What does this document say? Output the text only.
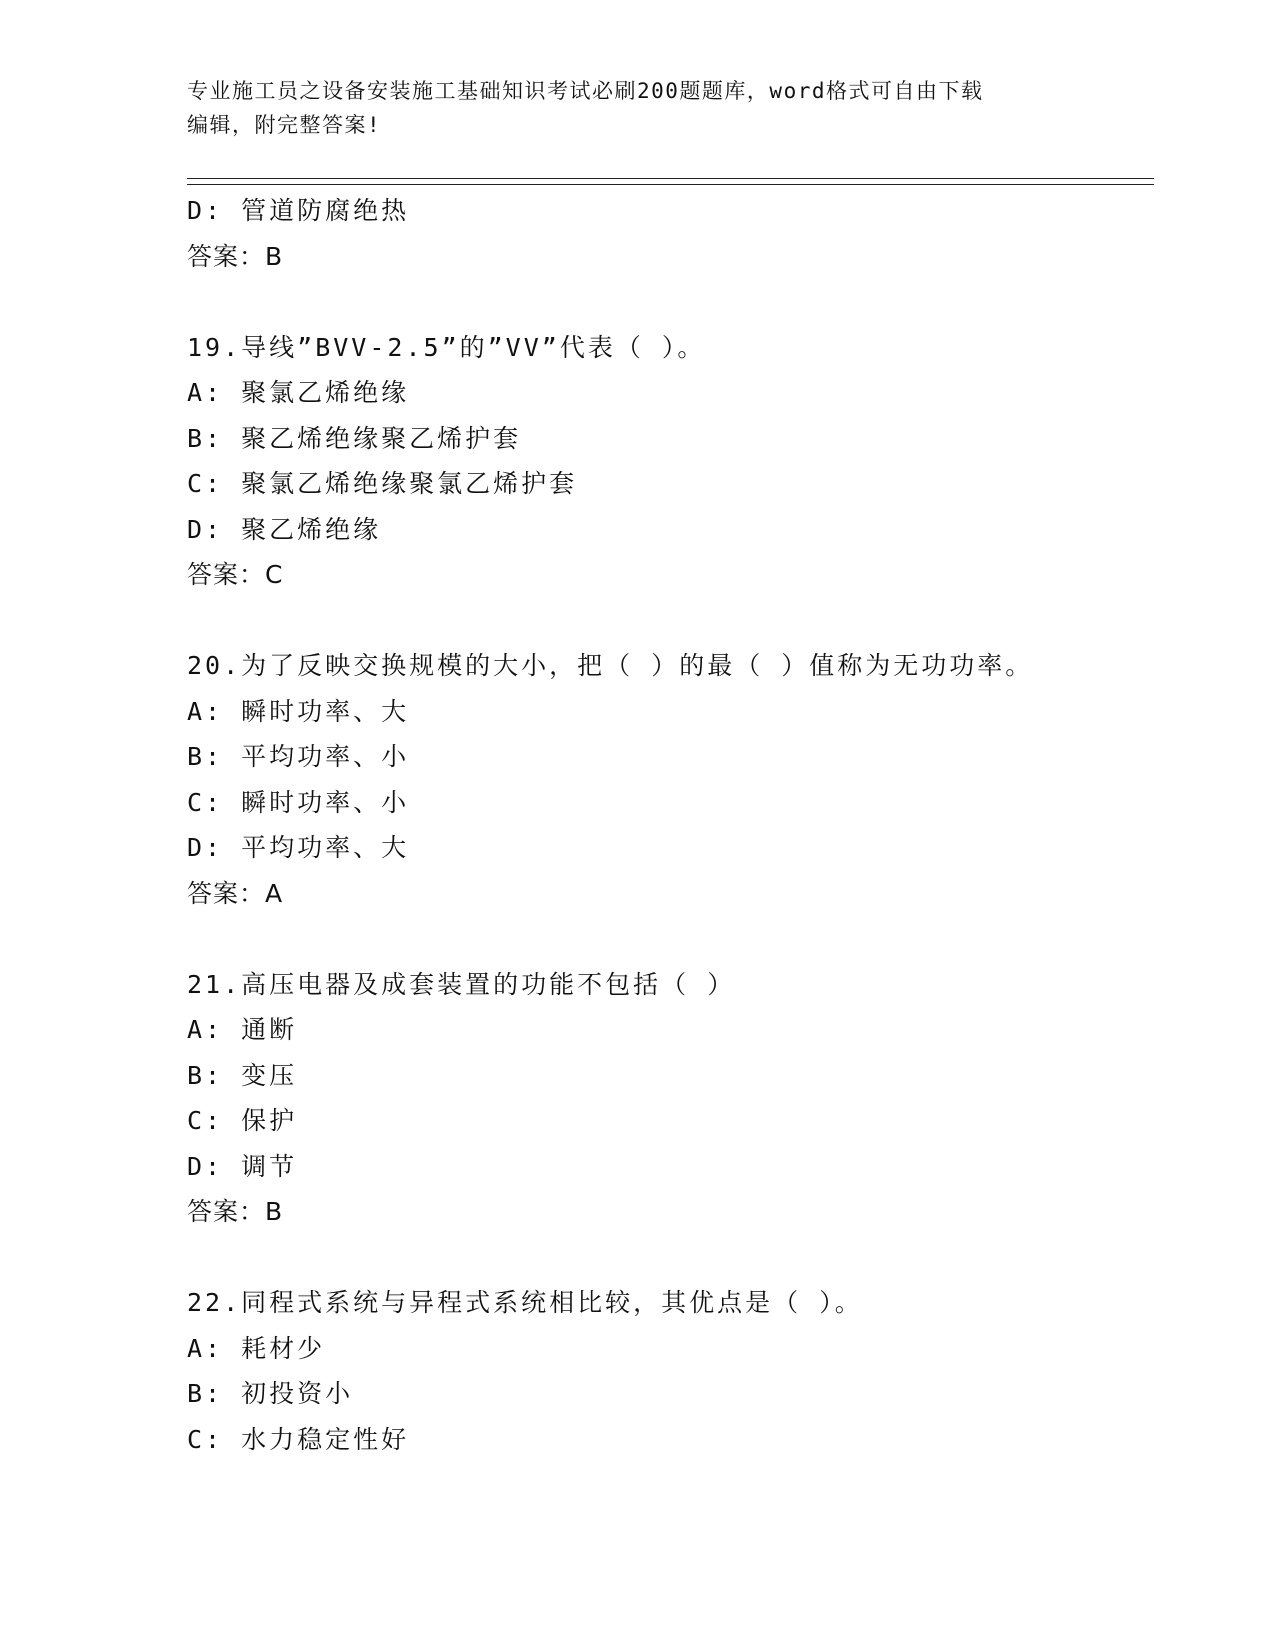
专业施工员之设备安装施工基础知识考试必刷200题题库，word格式可自由下载
编辑，附完整答案!
D: 管道防腐绝热
答案：B
19.导线”BVV-2.5”的”VV”代表（ ）。
A: 聚氯乙烯绝缘
B: 聚乙烯绝缘聚乙烯护套
C: 聚氯乙烯绝缘聚氯乙烯护套
D: 聚乙烯绝缘
答案：C
20.为了反映交换规模的大小，把（ ）的最（ ）值称为无功功率。
A: 瞬时功率、大
B: 平均功率、小
C: 瞬时功率、小
D: 平均功率、大
答案：A
21.高压电器及成套装置的功能不包括（ ）
A: 通断
B: 变压
C: 保护
D: 调节
答案：B
22.同程式系统与异程式系统相比较，其优点是（ ）。
A: 耗材少
B: 初投资小
C: 水力稳定性好
